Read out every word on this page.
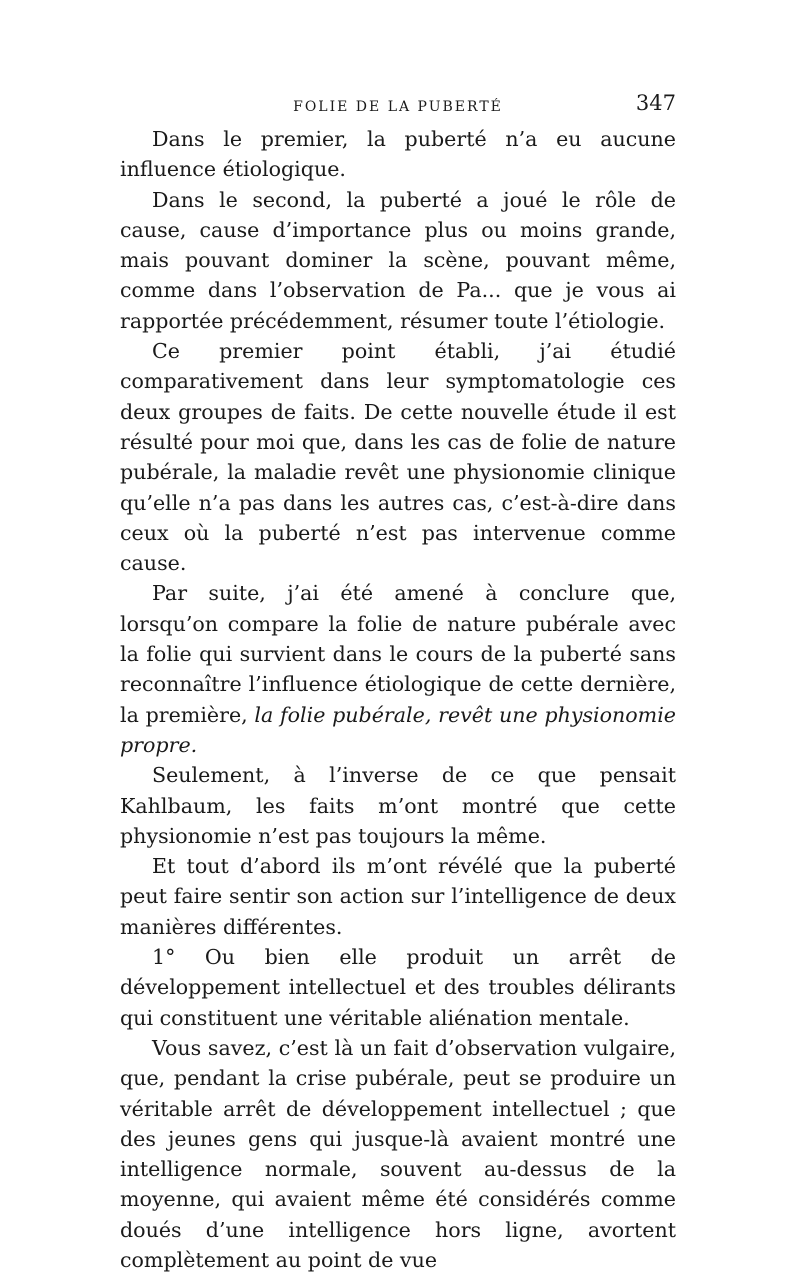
FOLIE DE LA PUBERTÉ	347

Dans le premier, la puberté n’a eu aucune influence étiologique.

Dans le second, la puberté a joué le rôle de cause, cause d’importance plus ou moins grande, mais pouvant dominer la scène, pouvant même, comme dans l’observation de Pa... que je vous ai rapportée précédemment, résumer toute l’étiologie.

Ce premier point établi, j’ai étudié comparativement dans leur symptomatologie ces deux groupes de faits. De cette nouvelle étude il est résulté pour moi que, dans les cas de folie de nature pubérale, la maladie revêt une physionomie clinique qu’elle n’a pas dans les autres cas, c’est-à-dire dans ceux où la puberté n’est pas intervenue comme cause.

Par suite, j’ai été amené à conclure que, lorsqu’on compare la folie de nature pubérale avec la folie qui survient dans le cours de la puberté sans reconnaître l’influence étiologique de cette dernière, la première, la folie pubérale, revêt une physionomie propre.

Seulement, à l’inverse de ce que pensait Kahlbaum, les faits m’ont montré que cette physionomie n’est pas toujours la même.

Et tout d’abord ils m’ont révélé que la puberté peut faire sentir son action sur l’intelligence de deux manières différentes.

1° Ou bien elle produit un arrêt de développement intellectuel et des troubles délirants qui constituent une véritable aliénation mentale.

Vous savez, c’est là un fait d’observation vulgaire, que, pendant la crise pubérale, peut se produire un véritable arrêt de développement intellectuel ; que des jeunes gens qui jusque-là avaient montré une intelligence normale, souvent au-dessus de la moyenne, qui avaient même été considérés comme doués d’une intelligence hors ligne, avortent complètement au point de vue
